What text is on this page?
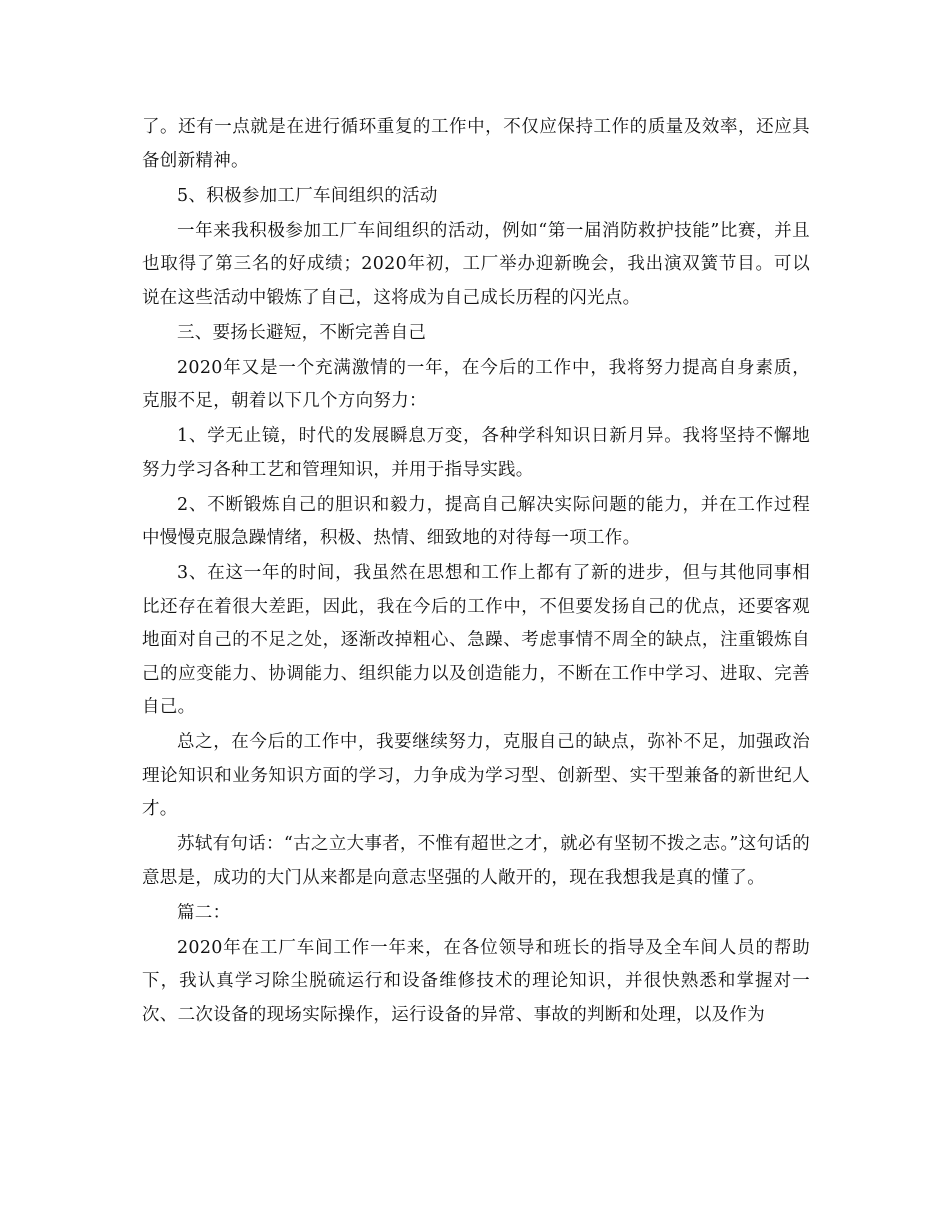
了。还有一点就是在进行循环重复的工作中，不仅应保持工作的质量及效率，还应具备创新精神。

5、积极参加工厂车间组织的活动

一年来我积极参加工厂车间组织的活动，例如“第一届消防救护技能”比赛，并且也取得了第三名的好成绩；2020年初，工厂举办迎新晚会，我出演双簧节目。可以说在这些活动中锻炼了自己，这将成为自己成长历程的闪光点。

三、要扬长避短，不断完善自己

2020年又是一个充满激情的一年，在今后的工作中，我将努力提高自身素质，克服不足，朝着以下几个方向努力：

1、学无止镜，时代的发展瞬息万变，各种学科知识日新月异。我将坚持不懈地努力学习各种工艺和管理知识，并用于指导实践。

2、不断锻炼自己的胆识和毅力，提高自己解决实际问题的能力，并在工作过程中慢慢克服急躁情绪，积极、热情、细致地的对待每一项工作。

3、在这一年的时间，我虽然在思想和工作上都有了新的进步，但与其他同事相比还存在着很大差距，因此，我在今后的工作中，不但要发扬自己的优点，还要客观地面对自己的不足之处，逐渐改掉粗心、急躁、考虑事情不周全的缺点，注重锻炼自己的应变能力、协调能力、组织能力以及创造能力，不断在工作中学习、进取、完善自己。

总之，在今后的工作中，我要继续努力，克服自己的缺点，弥补不足，加强政治理论知识和业务知识方面的学习，力争成为学习型、创新型、实干型兼备的新世纪人才。

苏轼有句话：“古之立大事者，不惟有超世之才，就必有坚韧不拨之志。”这句话的意思是，成功的大门从来都是向意志坚强的人敞开的，现在我想我是真的懂了。

篇二：

2020年在工厂车间工作一年来，在各位领导和班长的指导及全车间人员的帮助下，我认真学习除尘脱硫运行和设备维修技术的理论知识，并很快熟悉和掌握对一次、二次设备的现场实际操作，运行设备的异常、事故的判断和处理，以及作为
